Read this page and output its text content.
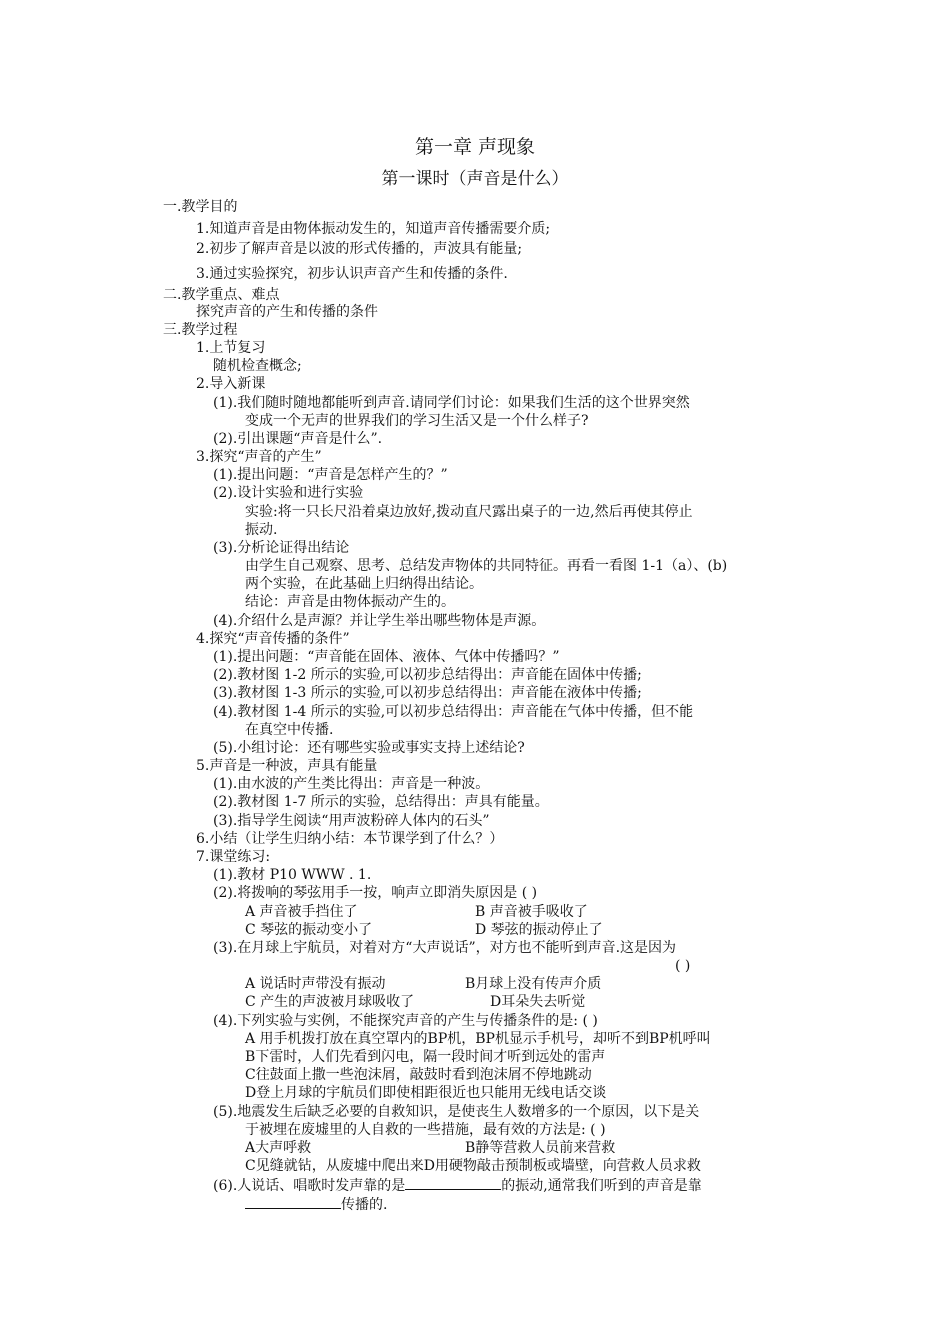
第一章 声现象
第一课时（声音是什么）
一.教学目的
1.知道声音是由物体振动发生的，知道声音传播需要介质;
2.初步了解声音是以波的形式传播的，声波具有能量;
3.通过实验探究，初步认识声音产生和传播的条件.
二.教学重点、难点
探究声音的产生和传播的条件
三.教学过程
1.上节复习
随机检查概念;
2.导入新课
(1).我们随时随地都能听到声音.请同学们讨论：如果我们生活的这个世界突然
变成一个无声的世界我们的学习生活又是一个什么样子?
(2).引出课题“声音是什么”.
3.探究“声音的产生”
(1).提出问题：“声音是怎样产生的？”
(2).设计实验和进行实验
实验:将一只长尺沿着桌边放好,拨动直尺露出桌子的一边,然后再使其停止
振动.
(3).分析论证得出结论
由学生自己观察、思考、总结发声物体的共同特征。再看一看图 1-1（a）、(b)
两个实验，在此基础上归纳得出结论。
结论：声音是由物体振动产生的。
(4).介绍什么是声源？并让学生举出哪些物体是声源。
4.探究“声音传播的条件”
(1).提出问题：“声音能在固体、液体、气体中传播吗？”
(2).教材图 1-2 所示的实验,可以初步总结得出：声音能在固体中传播;
(3).教材图 1-3 所示的实验,可以初步总结得出：声音能在液体中传播;
(4).教材图 1-4 所示的实验,可以初步总结得出：声音能在气体中传播，但不能
在真空中传播.
(5).小组讨论：还有哪些实验或事实支持上述结论?
5.声音是一种波，声具有能量
(1).由水波的产生类比得出：声音是一种波。
(2).教材图 1-7 所示的实验，总结得出：声具有能量。
(3).指导学生阅读“用声波粉碎人体内的石头”
6.小结（让学生归纳小结：本节课学到了什么？）
7.课堂练习:
(1).教材 P10 WWW . 1.
(2).将拨响的琴弦用手一按，响声立即消失原因是 ( )
A 声音被手挡住了	B 声音被手吸收了
C 琴弦的振动变小了	D 琴弦的振动停止了
(3).在月球上宇航员，对着对方“大声说话”，对方也不能听到声音.这是因为
( )
A 说话时声带没有振动	B月球上没有传声介质
C 产生的声波被月球吸收了	D耳朵失去听觉
(4).下列实验与实例，不能探究声音的产生与传播条件的是: ( )
A 用手机拨打放在真空罩内的BP机，BP机显示手机号，却听不到BP机呼叫
B下雷时，人们先看到闪电，隔一段时间才听到远处的雷声
C往鼓面上撒一些泡沫屑，敲鼓时看到泡沫屑不停地跳动
D登上月球的宇航员们即使相距很近也只能用无线电话交谈
(5).地震发生后缺乏必要的自救知识，是使丧生人数增多的一个原因，以下是关
于被埋在废墟里的人自救的一些措施，最有效的方法是: ( )
A大声呼救	B静等营救人员前来营救
C见缝就钻，从废墟中爬出来D用硬物敲击预制板或墙壁，向营救人员求救
(6).人说话、唱歌时发声靠的是	的振动,通常我们听到的声音是靠
传播的.
